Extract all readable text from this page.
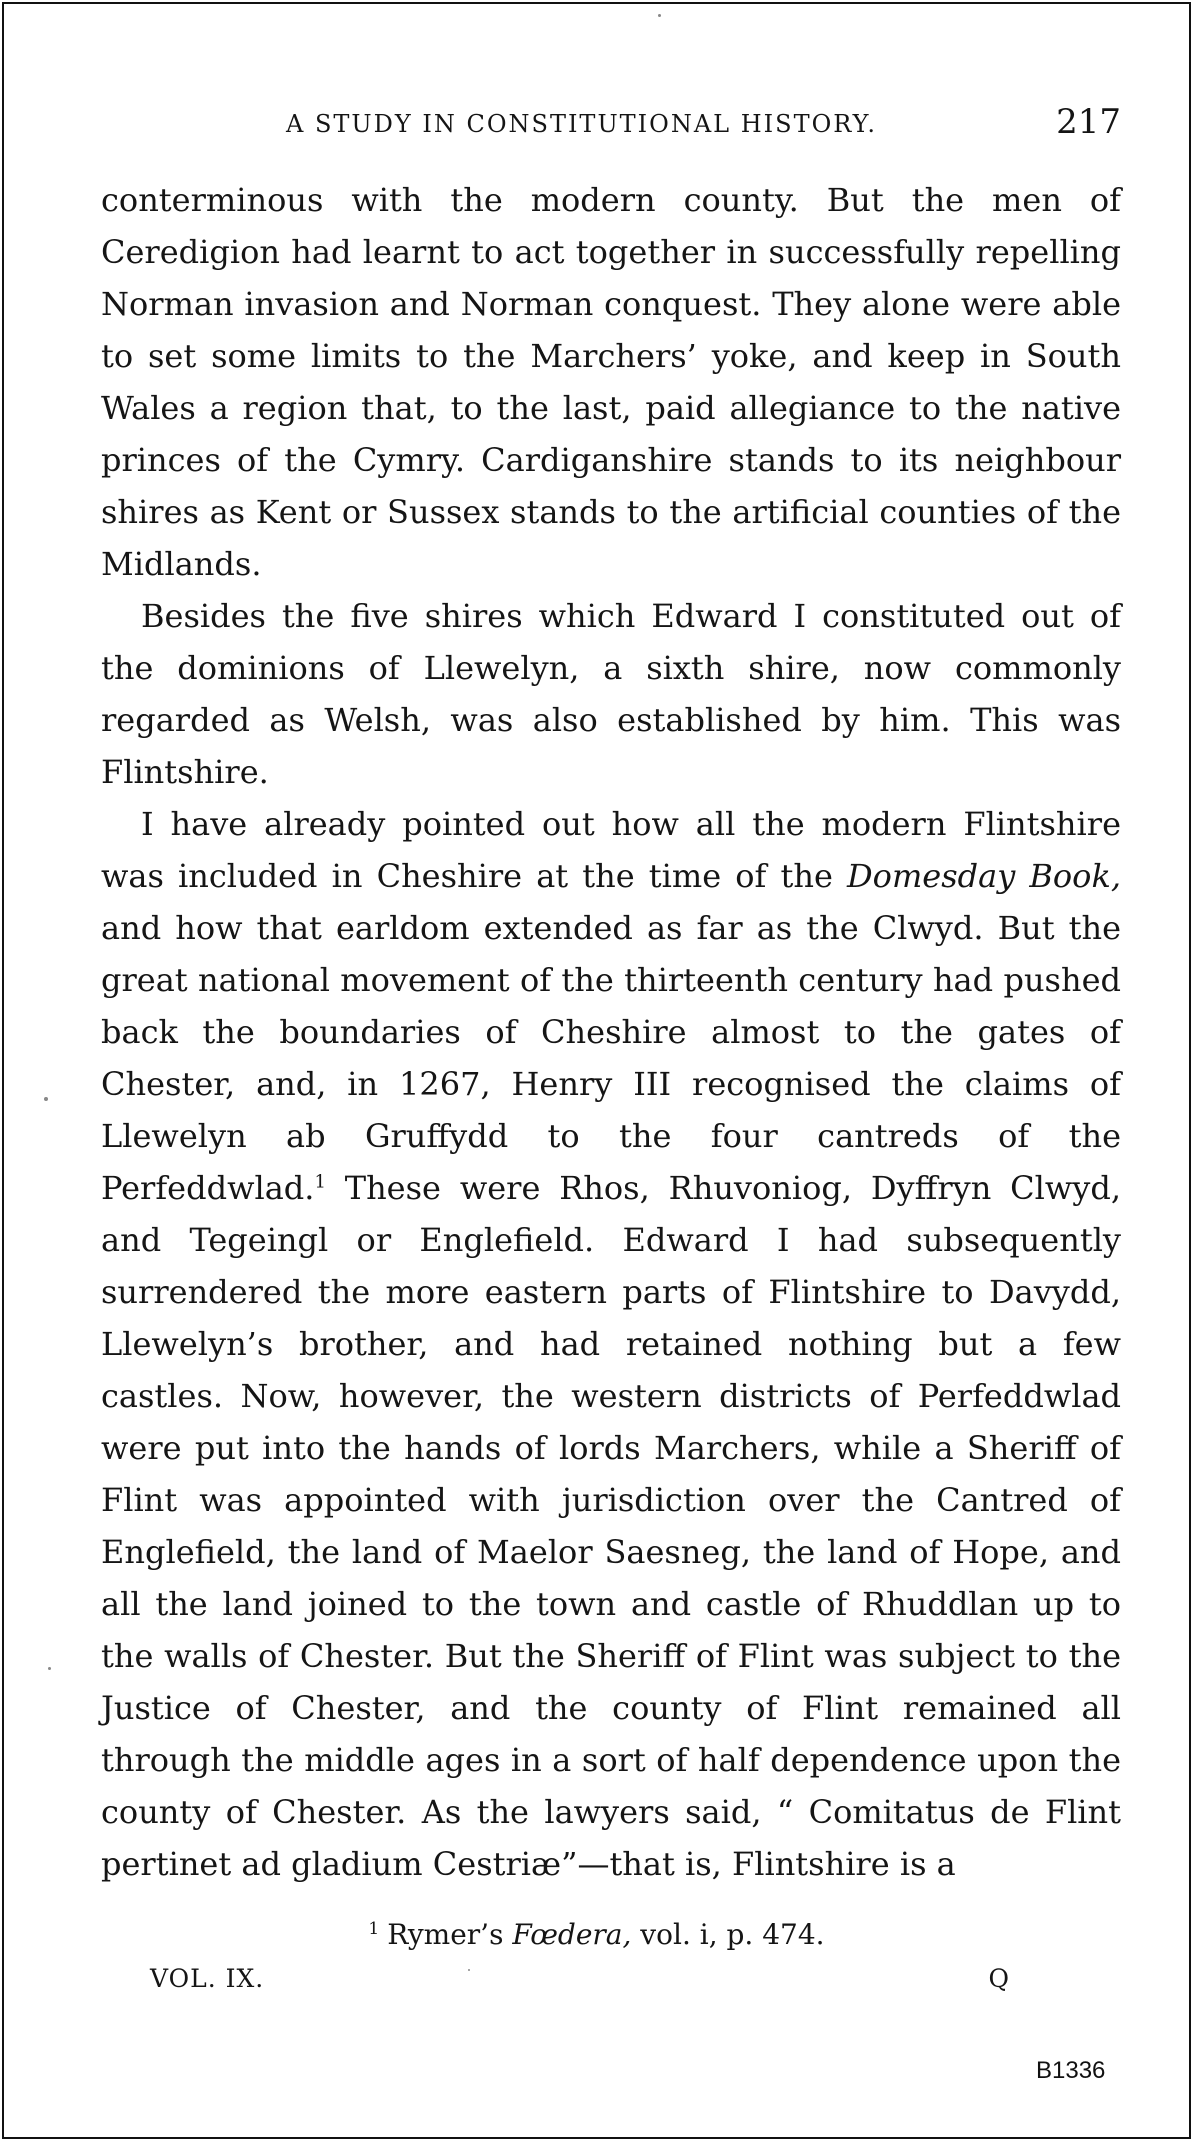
A STUDY IN CONSTITUTIONAL HISTORY.	217

conterminous with the modern county. But the men of Ceredigion had learnt to act together in successfully repelling Norman invasion and Norman conquest. They alone were able to set some limits to the Marchers’ yoke, and keep in South Wales a region that, to the last, paid allegiance to the native princes of the Cymry. Cardiganshire stands to its neighbour shires as Kent or Sussex stands to the artificial counties of the Midlands.

Besides the five shires which Edward I constituted out of the dominions of Llewelyn, a sixth shire, now commonly regarded as Welsh, was also established by him. This was Flintshire.

I have already pointed out how all the modern Flintshire was included in Cheshire at the time of the Domesday Book, and how that earldom extended as far as the Clwyd. But the great national movement of the thirteenth century had pushed back the boundaries of Cheshire almost to the gates of Chester, and, in 1267, Henry III recognised the claims of Llewelyn ab Gruffydd to the four cantreds of the Perfeddwlad.$^1$ These were Rhos, Rhuvoniog, Dyffryn Clwyd, and Tegeingl or Englefield. Edward I had subsequently surrendered the more eastern parts of Flintshire to Davydd, Llewelyn’s brother, and had retained nothing but a few castles. Now, however, the western districts of Perfeddwlad were put into the hands of lords Marchers, while a Sheriff of Flint was appointed with jurisdiction over the Cantred of Englefield, the land of Maelor Saesneg, the land of Hope, and all the land joined to the town and castle of Rhuddlan up to the walls of Chester. But the Sheriff of Flint was subject to the Justice of Chester, and the county of Flint remained all through the middle ages in a sort of half dependence upon the county of Chester. As the lawyers said, “ Comitatus de Flint pertinet ad gladium Cestriæ”—that is, Flintshire is a

$^1$ Rymer’s Fœdera, vol. i, p. 474.
VOL. IX.	Q
B1336
